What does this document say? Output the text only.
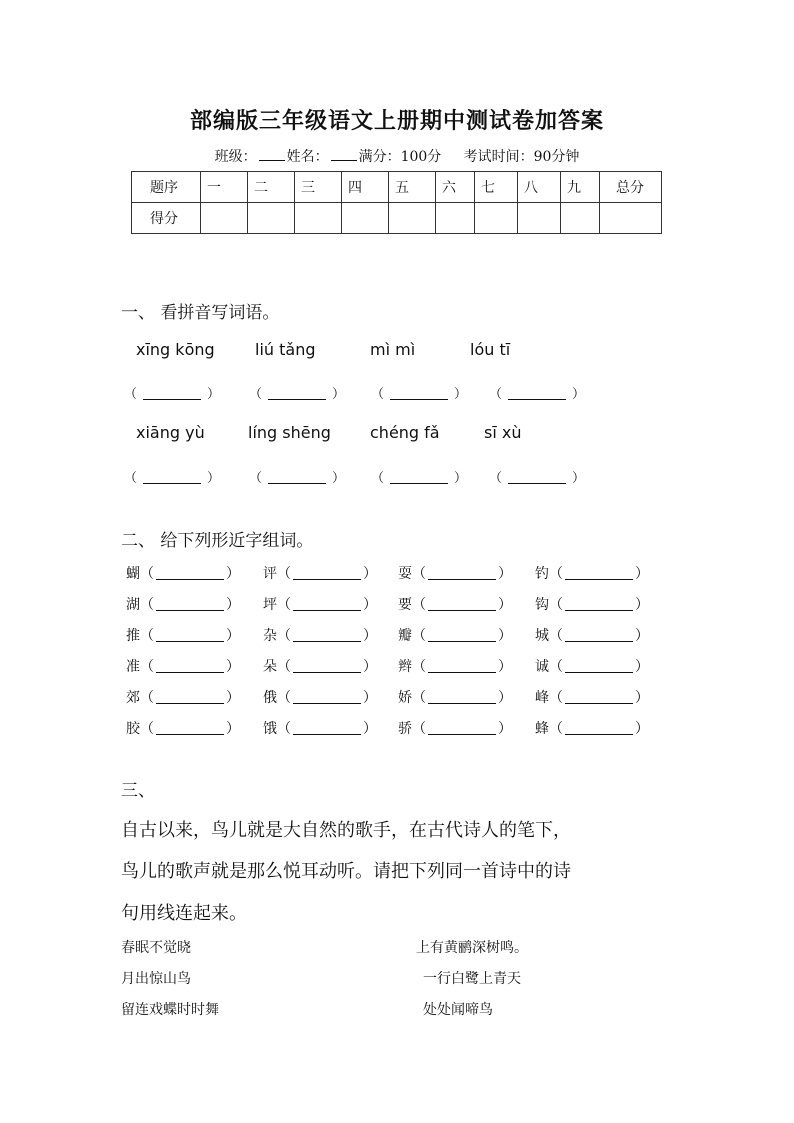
部编版三年级语文上册期中测试卷加答案
班级： 姓名： 满分：100分 考试时间：90分钟
题序	一	二	三	四	五	六	七	八	九	总分
得分										
一、 看拼音写词语。
xīng kōng	liú tǎng	mì mì	lóu tī
（	） （	） （	） （	）
xiāng yù	líng shēng chéng fǎ	sī xù
（	） （	） （	） （	）
二、 给下列形近字组词。
蝴（	） 评（	） 耍（	） 钓（	）
湖（	） 坪（	） 要（	） 钩（	）
推（	） 杂（	） 瓣（	） 城（	）
准（	） 朵（	） 辫（	） 诚（	）
郊（	） 俄（	） 娇（	） 峰（	）
胶（	） 饿（	） 骄（	） 蜂（	）
三、
自古以来，鸟儿就是大自然的歌手，在古代诗人的笔下，
鸟儿的歌声就是那么悦耳动听。请把下列同一首诗中的诗
句用线连起来。
春眠不觉晓
月出惊山鸟
留连戏蝶时时舞
上有黄鹂深树鸣。
一行白鹭上青天
处处闻啼鸟
